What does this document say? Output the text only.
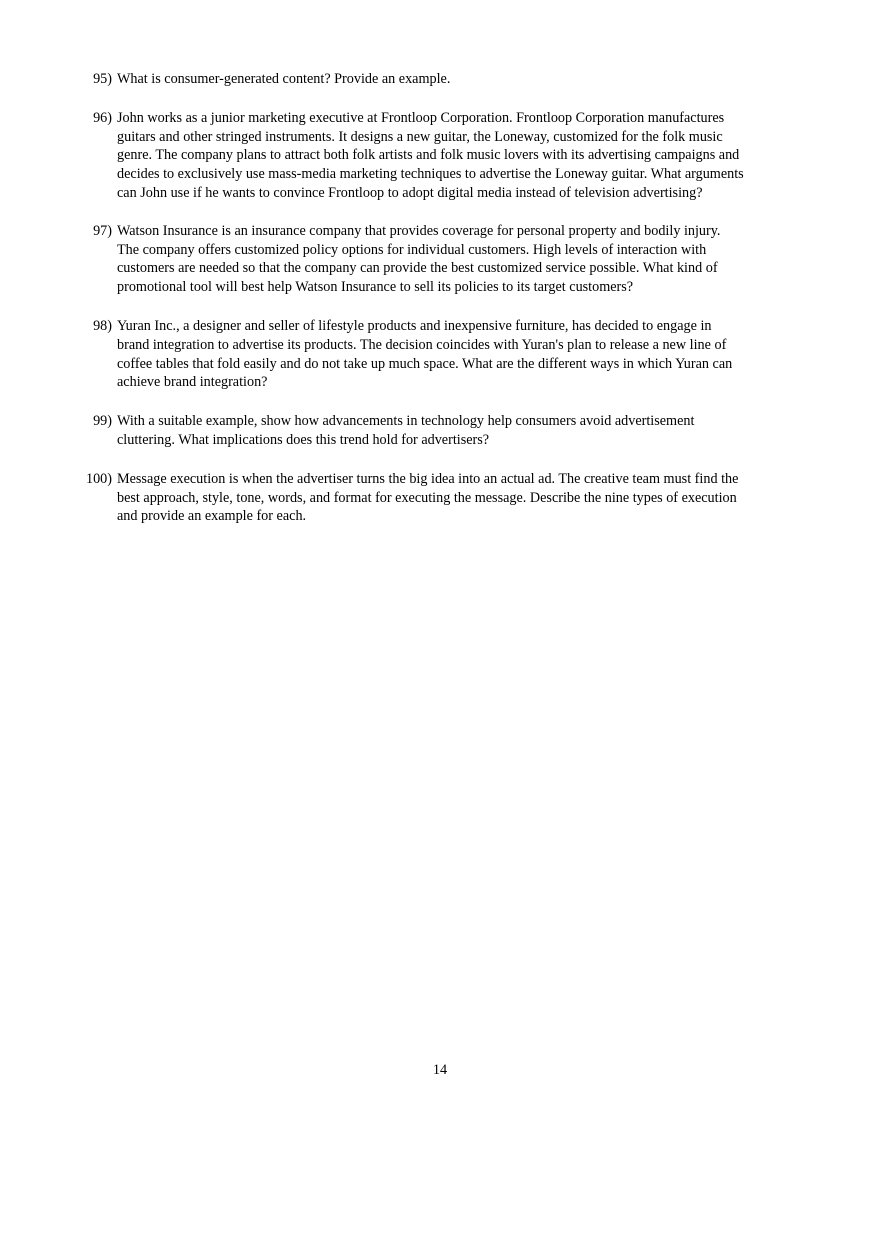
95) What is consumer-generated content? Provide an example.
96) John works as a junior marketing executive at Frontloop Corporation. Frontloop Corporation manufactures guitars and other stringed instruments. It designs a new guitar, the Loneway, customized for the folk music genre. The company plans to attract both folk artists and folk music lovers with its advertising campaigns and decides to exclusively use mass-media marketing techniques to advertise the Loneway guitar. What arguments can John use if he wants to convince Frontloop to adopt digital media instead of television advertising?
97) Watson Insurance is an insurance company that provides coverage for personal property and bodily injury. The company offers customized policy options for individual customers. High levels of interaction with customers are needed so that the company can provide the best customized service possible. What kind of promotional tool will best help Watson Insurance to sell its policies to its target customers?
98) Yuran Inc., a designer and seller of lifestyle products and inexpensive furniture, has decided to engage in brand integration to advertise its products. The decision coincides with Yuran's plan to release a new line of coffee tables that fold easily and do not take up much space. What are the different ways in which Yuran can achieve brand integration?
99) With a suitable example, show how advancements in technology help consumers avoid advertisement cluttering. What implications does this trend hold for advertisers?
100) Message execution is when the advertiser turns the big idea into an actual ad. The creative team must find the best approach, style, tone, words, and format for executing the message. Describe the nine types of execution and provide an example for each.
14
